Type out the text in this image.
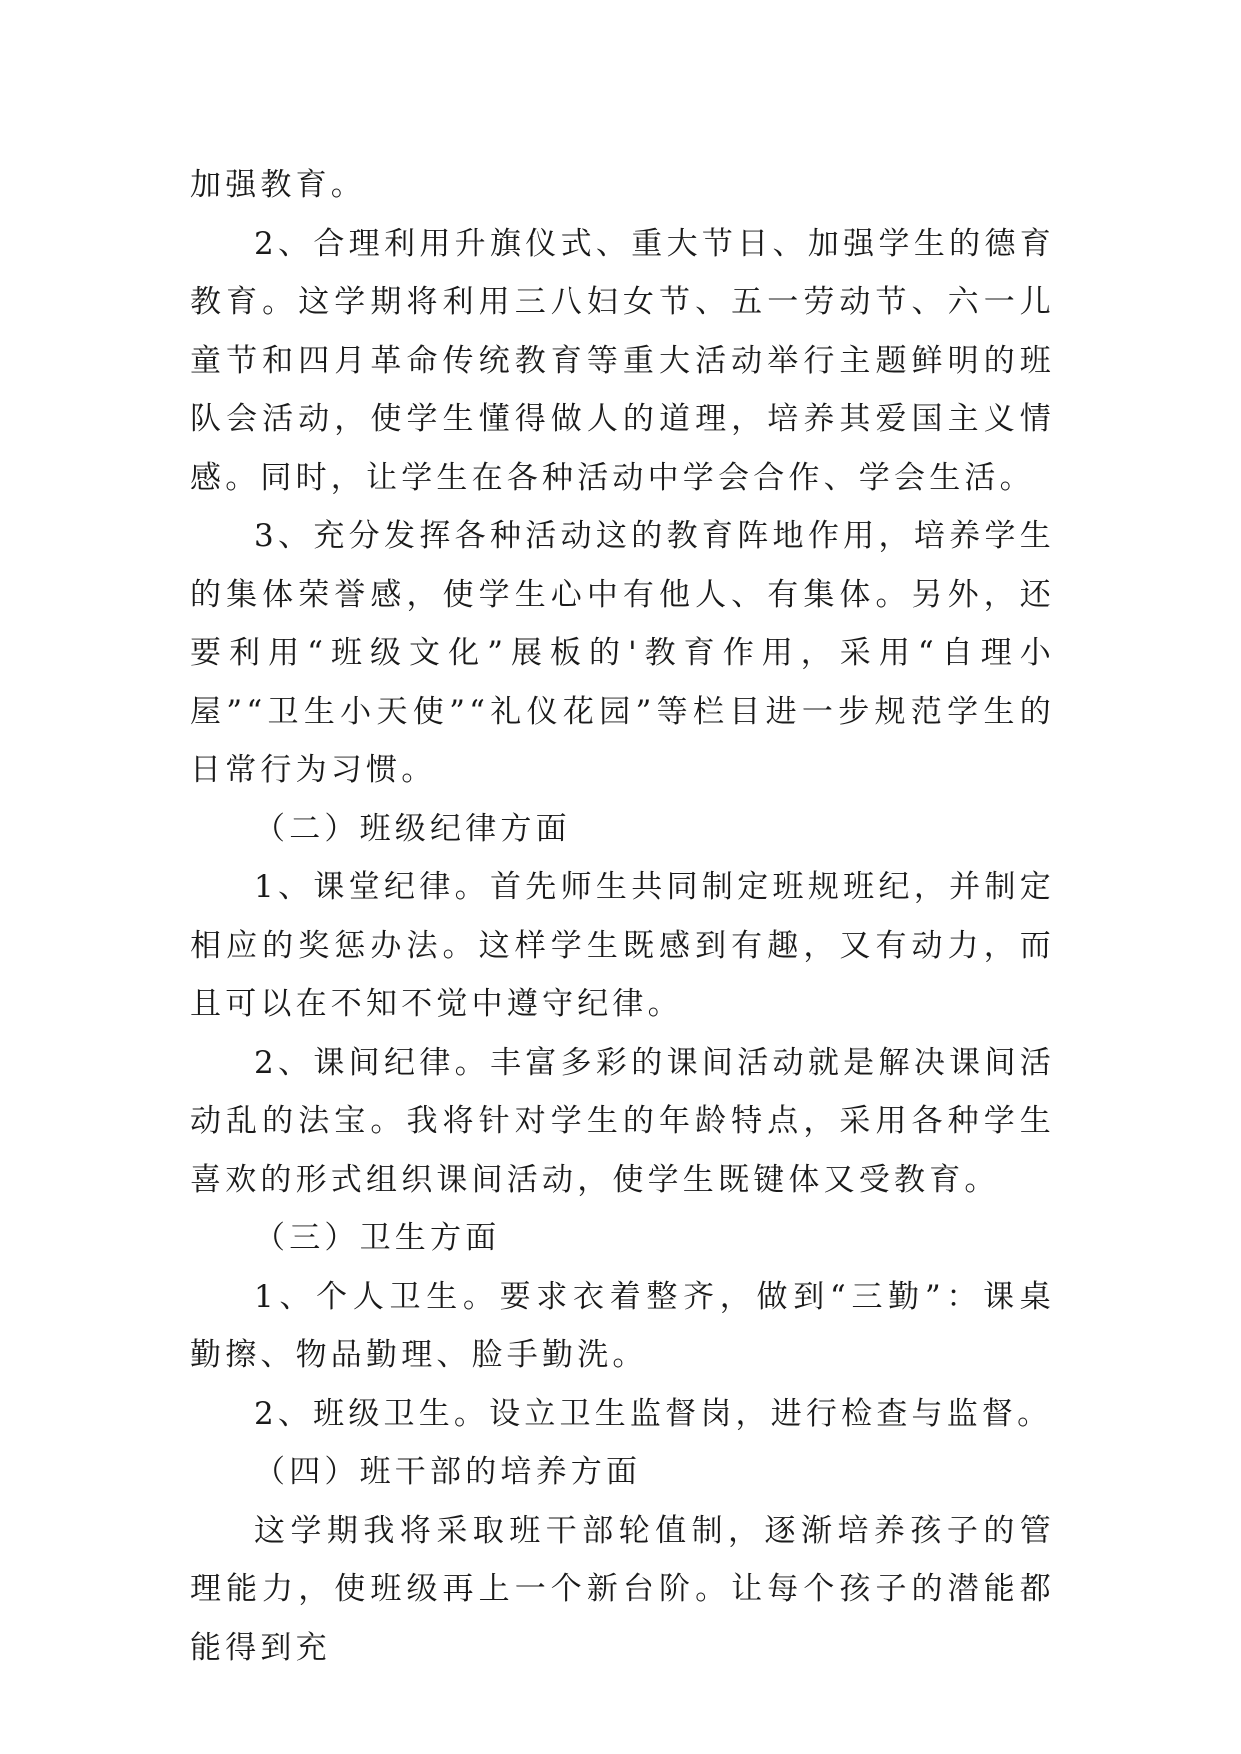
加强教育。

2、合理利用升旗仪式、重大节日、加强学生的德育教育。这学期将利用三八妇女节、五一劳动节、六一儿童节和四月革命传统教育等重大活动举行主题鲜明的班队会活动，使学生懂得做人的道理，培养其爱国主义情感。同时，让学生在各种活动中学会合作、学会生活。

3、充分发挥各种活动这的教育阵地作用，培养学生的集体荣誉感，使学生心中有他人、有集体。另外，还要利用“班级文化”展板的'教育作用，采用“自理小屋”“卫生小天使”“礼仪花园”等栏目进一步规范学生的日常行为习惯。

（二）班级纪律方面

1、课堂纪律。首先师生共同制定班规班纪，并制定相应的奖惩办法。这样学生既感到有趣，又有动力，而且可以在不知不觉中遵守纪律。

2、课间纪律。丰富多彩的课间活动就是解决课间活动乱的法宝。我将针对学生的年龄特点，采用各种学生喜欢的形式组织课间活动，使学生既键体又受教育。

（三）卫生方面

1、个人卫生。要求衣着整齐，做到“三勤”：课桌勤擦、物品勤理、脸手勤洗。

2、班级卫生。设立卫生监督岗，进行检查与监督。

（四）班干部的培养方面

这学期我将采取班干部轮值制，逐渐培养孩子的管理能力，使班级再上一个新台阶。让每个孩子的潜能都能得到充
